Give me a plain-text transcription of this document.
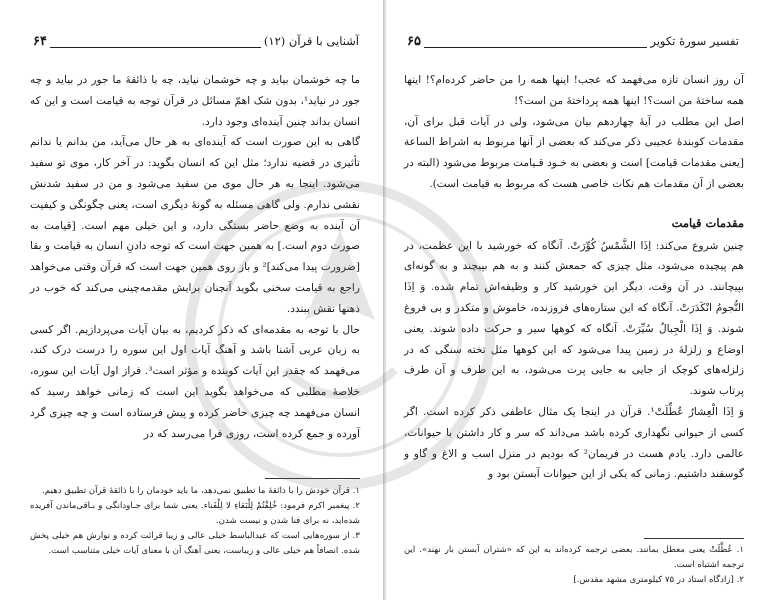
آشنایی با قرآن (۱۲)
۶۴

ما چه خوشمان بیاید و چه خوشمان نیاید، چه با ذائقهٔ ما جور در بیاید و چه جور در نیاید¹، بدون شک اهمّ مسائل در قرآن توجه به قیامت است و این که انسان بداند چنین آینده‌ای وجود دارد.

گاهی به این صورت است که آینده‌ای به هر حال می‌آید، من بدانم یا ندانم تأثیری در قضیه ندارد؛ مثل این که انسان بگوید: در آخر کار، موی تو سفید می‌شود. اینجا به هر حال موی من سفید می‌شود و من در سفید شدنش نقشی ندارم. ولی گاهی مسئله به گونهٔ دیگری است، یعنی چگونگی و کیفیت آن آینده به وضع حاضر بستگی دارد، و این خیلی مهم است. [قیامت به صورت دوم است.] به همین جهت است که توجه دادنِ انسان به قیامت و بقا [ضرورت پیدا می‌کند]² و باز روی همین جهت است که قرآن وقتی می‌خواهد راجع به قیامت سخنی بگوید آنچنان برایش مقدمه‌چینی می‌کند که خوب در ذهنها نقش ببندد.

حال با توجه به مقدمه‌ای که ذکر کردیم، به بیان آیات می‌پردازیم. اگر کسی به زبان عربی آشنا باشد و آهنگ آیات اول این سوره را درست درک کند، می‌فهمد که چقدر این آیات کوبنده و مؤثر است³. فراز اول آیات این سوره، خلاصهٔ مطلبی که می‌خواهد بگوید این است که زمانی خواهد رسید که انسان می‌فهمد چه چیزی حاضر کرده و پیش فرستاده است و چه چیزی گرد آورده و جمع کرده است، روزی فرا می‌رسد که در

۱. قرآن خودش را با ذائقهٔ ما تطبیق نمی‌دهد، ما باید خودمان را با ذائقهٔ قرآن تطبیق دهیم.

۲. پیغمبر اکرم فرمود: خُلِقْتُمْ لِلْبَقاءِ لا لِلْفَناء. یعنی شما برای جـاودانگی و بـاقی‌ماندن آفریده شده‌اید، نه برای فنا شدن و نیست شدن.

۳. از سوره‌هایی است که عبدالباسط خیلی عالی و زیبا قرائت کرده و نوارش هم خیلی پخش شده. انصافاً هم خیلی عالی و زیباست، یعنی آهنگ آن با معنای آیات خیلی متناسب است.

تفسیر سورهٔ تکویر
۶۵

آن روز انسان تازه می‌فهمد که عجب! اینها همه را من حاضر کرده‌ام؟! اینها همه ساختهٔ من است؟! اینها همه پرداختهٔ من است؟!

اصل این مطلب در آیهٔ چهاردهم بیان می‌شود، ولی در آیات قبل برای آن، مقدمات کوبندهٔ عجیبی ذکر می‌کند که بعضی از آنها مربوط به اشراط الساعة [یعنی مقدمات قیامت] است و بعضی به خـود قـیامت مربوط می‌شود (البته در بعضی از آن مقدمات هم نکات خاصی هست که مربوط به قیامت است).

مقدمات قیامت

چنین شروع می‌کند: اِذَا الشَّمْسُ کُوِّرَتْ. آنگاه که خورشید با این عظمت، در هم پیچیده می‌شود، مثل چیزی که جمعش کنند و به هم بپیچند و به گونه‌ای بپیچانند. در آن وقت، دیگر این خورشید کار و وظیفه‌اش تمام شده. وَ اِذَا النُّجومُ انْکَدَرَتْ. آنگاه که این ستاره‌های فروزنده، خاموش و متکدر و بی فروغ شوند. وَ اِذَا الْجِبالُ سُیِّرَتْ. آنگاه که کوهها سیر و حرکت داده شوند. یعنی اوضاع و زلزلهٔ در زمین پیدا می‌شود که این کوهها مثل تخته سنگی که در زلزله‌های کوچک از جایی به جایی پرت می‌شود، به این طرف و آن طرف پرتاب شوند.

وَ اِذَا الْعِشارُ عُطِّلَتْ¹. قرآن در اینجا یک مثال عاطفی ذکر کرده است. اگر کسی از حیوانی نگهداری کرده باشد می‌داند که سر و کار داشتن با حیوانات، عالمی دارد. یادم هست در فریمان² که بودیم در منزل اسب و الاغ و گاو و گوسفند داشتیم. زمانی که یکی از این حیوانات آبستن بود و

۱. عُطِّلَتْ یعنی معطل بمانند. بعضی ترجمه کرده‌اند به این که «شتران آبستن بار نهند». این ترجمه اشتباه است.

۲. [زادگاه استاد در ۷۵ کیلومتری مشهد مقدس.]
